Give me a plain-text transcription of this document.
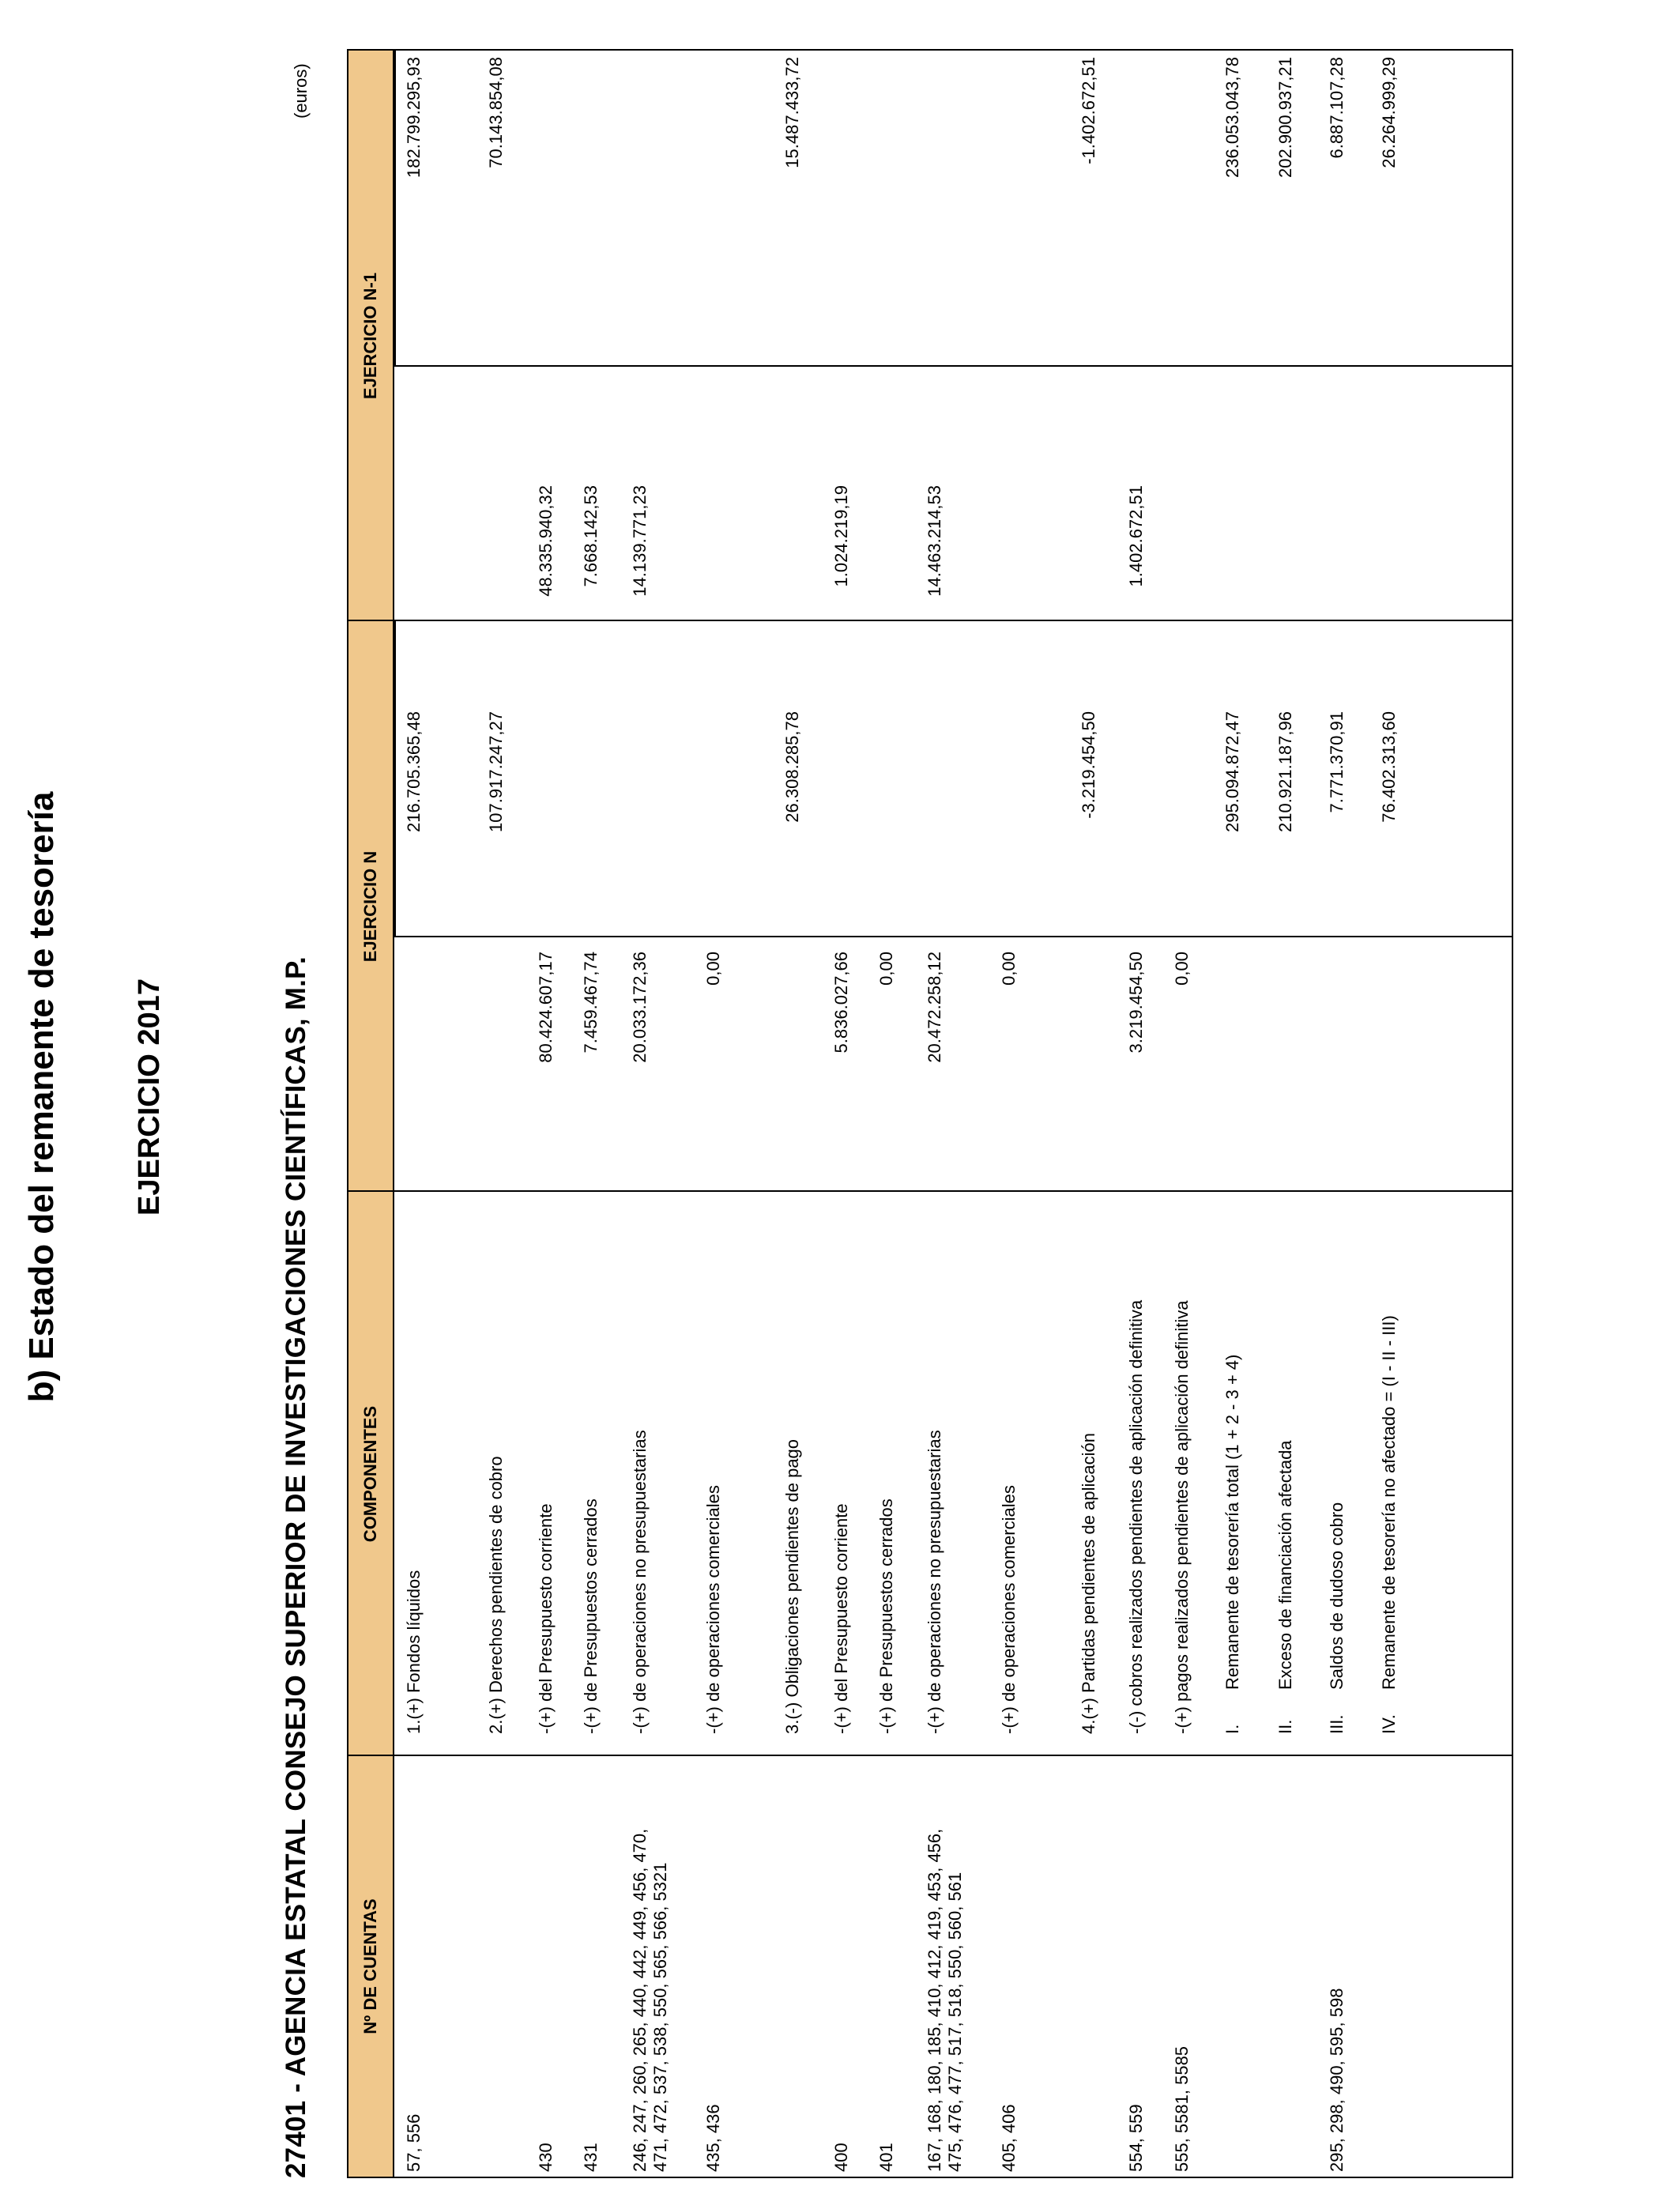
b) Estado del remanente de tesorería EJERCICIO 2017	27401 - AGENCIA ESTATAL CONSEJO SUPERIOR DE INVESTIGACIONES CIENTÍFICAS, M.P.
(euros)
Nº DE CUENTAS
COMPONENTES
EJERCICIO N
EJERCICIO N-1
57, 556
1.(+) Fondos líquidos
216.705.365,48
182.799.295,93
2.(+) Derechos pendientes de cobro
107.917.247,27
70.143.854,08
430
-(+) del Presupuesto corriente
80.424.607,17
48.335.940,32
431
-(+) de Presupuestos cerrados
7.459.467,74
7.668.142,53
246, 247, 260, 265, 440, 442, 449, 456, 470, 471, 472, 537, 538, 550, 565, 566, 5321
-(+) de operaciones no presupuestarias
20.033.172,36
14.139.771,23
435, 436
-(+) de operaciones comerciales
0,00
3.(-) Obligaciones pendientes de pago
26.308.285,78
15.487.433,72
400
-(+) del Presupuesto corriente
5.836.027,66
1.024.219,19
401
-(+) de Presupuestos cerrados
0,00
167, 168, 180, 185, 410, 412, 419, 453, 456, 475, 476, 477, 517, 518, 550, 560, 561
-(+) de operaciones no presupuestarias
20.472.258,12
14.463.214,53
405, 406
-(+) de operaciones comerciales
0,00
4.(+) Partidas pendientes de aplicación
-3.219.454,50
-1.402.672,51
554, 559
-(-) cobros realizados pendientes de aplicación definitiva
3.219.454,50
1.402.672,51
555, 5581, 5585
-(+) pagos realizados pendientes de aplicación definitiva
0,00
I.Remanente de tesorería total (1 + 2 - 3 + 4)
295.094.872,47
236.053.043,78
II.Exceso de financiación afectada
210.921.187,96
202.900.937,21
295, 298, 490, 595, 598
III.Saldos de dudoso cobro
7.771.370,91
6.887.107,28
IV.Remanente de tesorería no afectado = (I - II - III)
76.402.313,60
26.264.999,29
